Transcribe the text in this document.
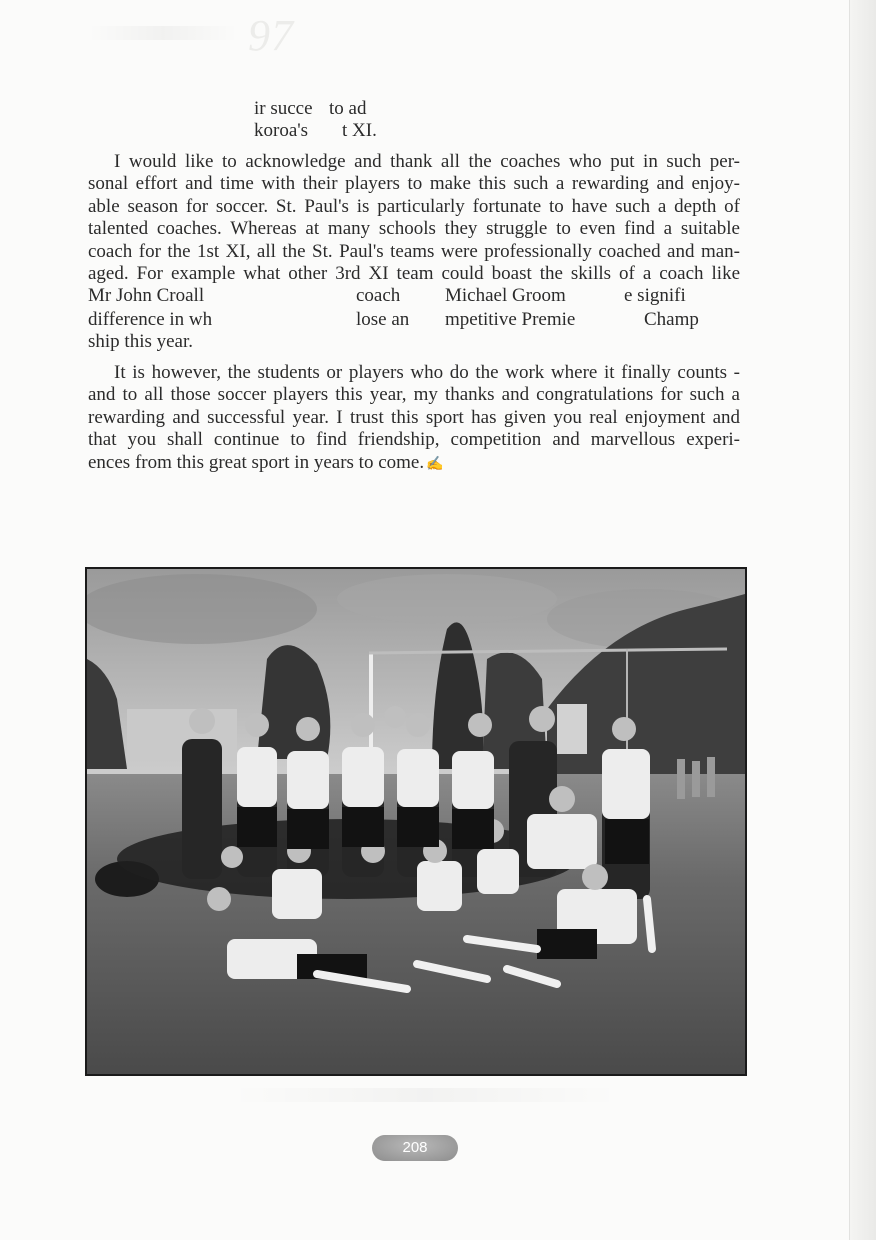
97
ir succe to ad
koroa's t XI.
I would like to acknowledge and thank all the coaches who put in such per-
sonal effort and time with their players to make this such a rewarding and enjoy-
able season for soccer. St. Paul's is particularly fortunate to have such a depth of
talented coaches. Whereas at many schools they struggle to even find a suitable
coach for the 1st XI, all the St. Paul's teams were professionally coached and man-
aged. For example what other 3rd XI team could boast the skills of a coach like
Mr John Croall	coach Michael Groom	e signifi
difference in wh	lose an mpetitive Premie	Champ
ship this year.
It is however, the students or players who do the work where it finally counts -
and to all those soccer players this year, my thanks and congratulations for such a
rewarding and successful year. I trust this sport has given you real enjoyment and
that you shall continue to find friendship, competition and marvellous experi-
ences from this great sport in years to come. ✍
208
